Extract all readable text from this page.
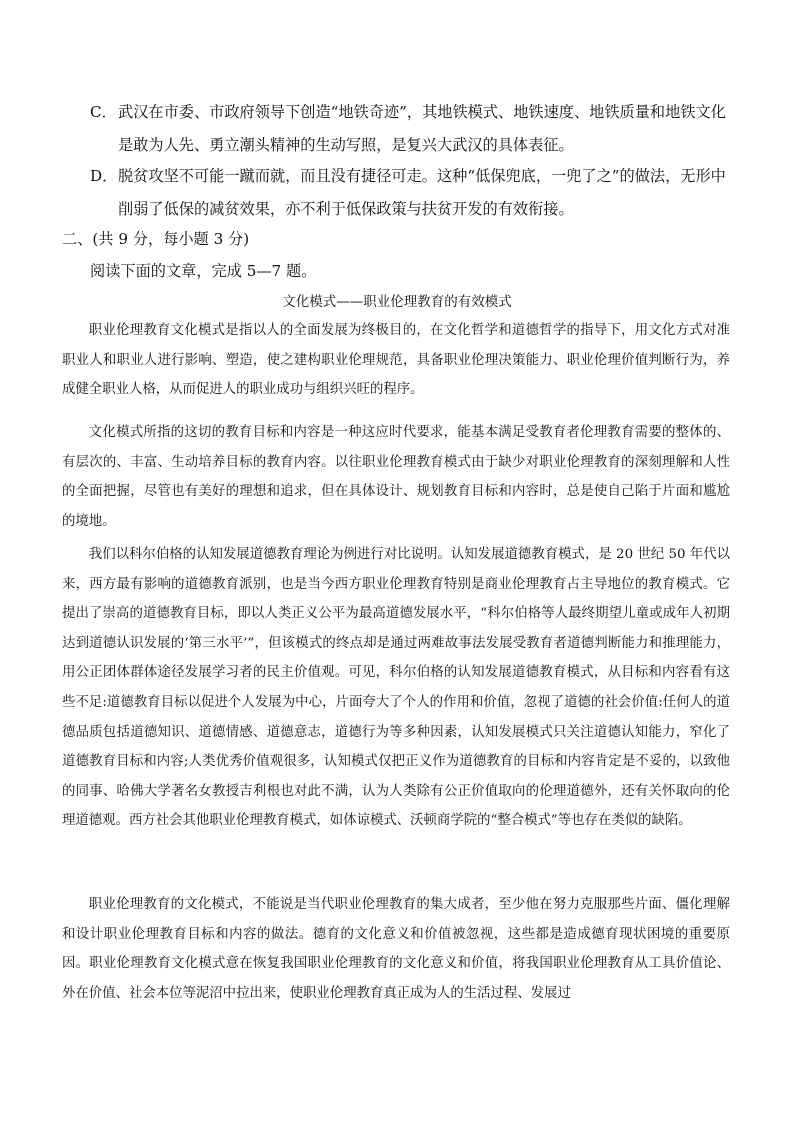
C．武汉在市委、市政府领导下创造“地铁奇迹”，其地铁模式、地铁速度、地铁质量和地铁文化是敢为人先、勇立潮头精神的生动写照，是复兴大武汉的具体表征。

D．脱贫攻坚不可能一蹴而就，而且没有捷径可走。这种“低保兜底，一兜了之”的做法，无形中削弱了低保的减贫效果，亦不利于低保政策与扶贫开发的有效衔接。

二、(共 9 分，每小题 3 分)

阅读下面的文章，完成 5—7 题。

文化模式——职业伦理教育的有效模式

职业伦理教育文化模式是指以人的全面发展为终极目的，在文化哲学和道德哲学的指导下，用文化方式对准职业人和职业人进行影响、塑造，使之建构职业伦理规范，具备职业伦理决策能力、职业伦理价值判断行为，养成健全职业人格，从而促进人的职业成功与组织兴旺的程序。

文化模式所指的这切的教育目标和内容是一种这应时代要求，能基本满足受教育者伦理教育需要的整体的、有层次的、丰富、生动培养目标的教育内容。以往职业伦理教育模式由于缺少对职业伦理教育的深刻理解和人性的全面把握，尽管也有美好的理想和追求，但在具体设计、规划教育目标和内容时，总是使自己陷于片面和尴尬的境地。

我们以科尔伯格的认知发展道德教育理论为例进行对比说明。认知发展道德教育模式，是 20 世纪 50 年代以来，西方最有影响的道德教育派别，也是当今西方职业伦理教育特别是商业伦理教育占主导地位的教育模式。它提出了崇高的道德教育目标，即以人类正义公平为最高道德发展水平，“科尔伯格等人最终期望儿童或成年人初期达到道德认识发展的‘第三水平’”，但该模式的终点却是通过两难故事法发展受教育者道德判断能力和推理能力，用公正团体群体途径发展学习者的民主价值观。可见，科尔伯格的认知发展道德教育模式，从目标和内容看有这些不足:道德教育目标以促进个人发展为中心，片面夸大了个人的作用和价值，忽视了道德的社会价值:任何人的道德品质包括道德知识、道德情感、道德意志，道德行为等多种因素，认知发展模式只关注道德认知能力，窄化了道德教育目标和内容;人类优秀价值观很多，认知模式仅把正义作为道德教育的目标和内容肯定是不妥的，以致他的同事、哈佛大学著名女教授吉利根也对此不满，认为人类除有公正价值取向的伦理道德外，还有关怀取向的伦理道德观。西方社会其他职业伦理教育模式，如体谅模式、沃顿商学院的“整合模式”等也存在类似的缺陷。

职业伦理教育的文化模式，不能说是当代职业伦理教育的集大成者，至少他在努力克服那些片面、僵化理解和设计职业伦理教育目标和内容的做法。德育的文化意义和价值被忽视，这些都是造成德育现状困境的重要原因。职业伦理教育文化模式意在恢复我国职业伦理教育的文化意义和价值，将我国职业伦理教育从工具价值论、外在价值、社会本位等泥沼中拉出来，使职业伦理教育真正成为人的生活过程、发展过
